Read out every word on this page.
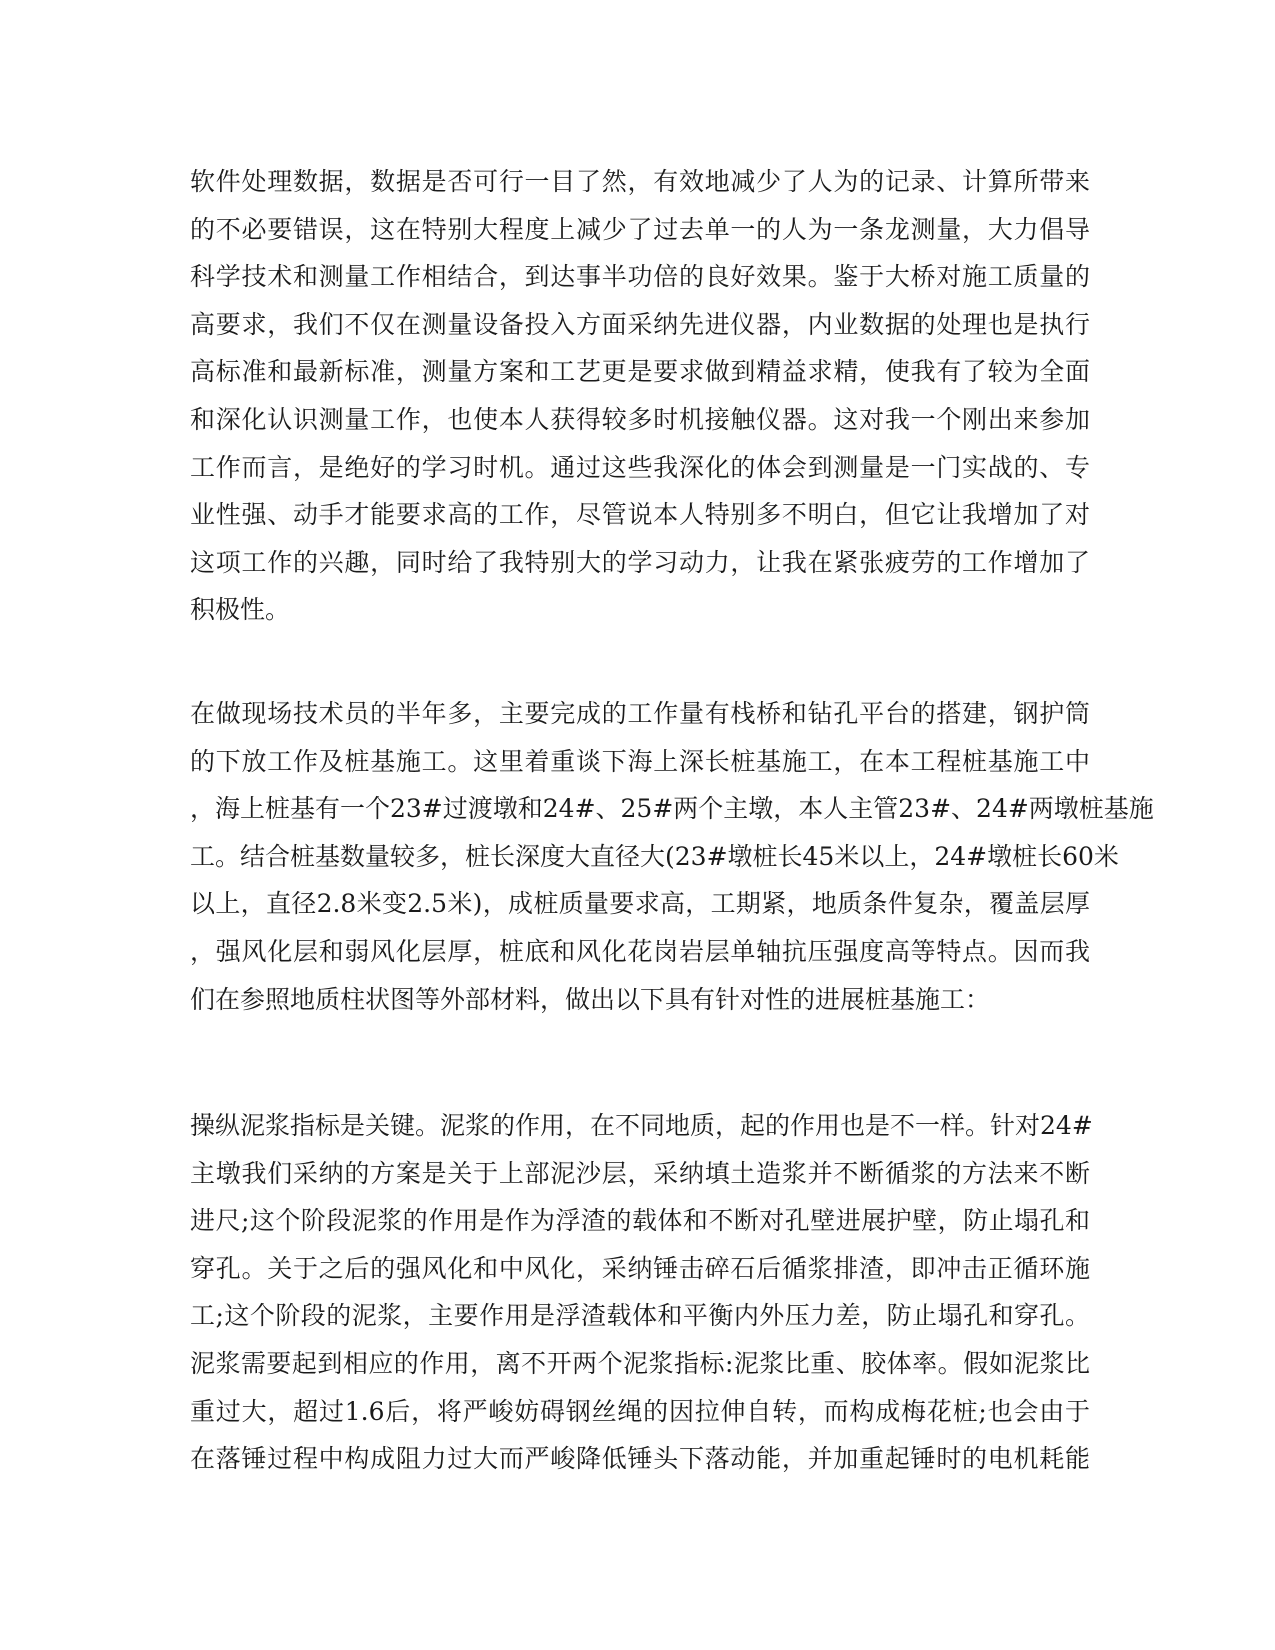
软件处理数据，数据是否可行一目了然，有效地减少了人为的记录、计算所带来
的不必要错误，这在特别大程度上减少了过去单一的人为一条龙测量，大力倡导
科学技术和测量工作相结合，到达事半功倍的良好效果。鉴于大桥对施工质量的
高要求，我们不仅在测量设备投入方面采纳先进仪器，内业数据的处理也是执行
高标准和最新标准，测量方案和工艺更是要求做到精益求精，使我有了较为全面
和深化认识测量工作，也使本人获得较多时机接触仪器。这对我一个刚出来参加
工作而言，是绝好的学习时机。通过这些我深化的体会到测量是一门实战的、专
业性强、动手才能要求高的工作，尽管说本人特别多不明白，但它让我增加了对
这项工作的兴趣，同时给了我特别大的学习动力，让我在紧张疲劳的工作增加了
积极性。

在做现场技术员的半年多，主要完成的工作量有栈桥和钻孔平台的搭建，钢护筒
的下放工作及桩基施工。这里着重谈下海上深长桩基施工，在本工程桩基施工中
，海上桩基有一个23#过渡墩和24#、25#两个主墩，本人主管23#、24#两墩桩基施
工。结合桩基数量较多，桩长深度大直径大(23#墩桩长45米以上，24#墩桩长60米
以上，直径2.8米变2.5米)，成桩质量要求高，工期紧，地质条件复杂，覆盖层厚
，强风化层和弱风化层厚，桩底和风化花岗岩层单轴抗压强度高等特点。因而我
们在参照地质柱状图等外部材料，做出以下具有针对性的进展桩基施工：

操纵泥浆指标是关键。泥浆的作用，在不同地质，起的作用也是不一样。针对24#
主墩我们采纳的方案是关于上部泥沙层，采纳填土造浆并不断循浆的方法来不断
进尺;这个阶段泥浆的作用是作为浮渣的载体和不断对孔壁进展护壁，防止塌孔和
穿孔。关于之后的强风化和中风化，采纳锤击碎石后循浆排渣，即冲击正循环施
工;这个阶段的泥浆，主要作用是浮渣载体和平衡内外压力差，防止塌孔和穿孔。
泥浆需要起到相应的作用，离不开两个泥浆指标:泥浆比重、胶体率。假如泥浆比
重过大，超过1.6后，将严峻妨碍钢丝绳的因拉伸自转，而构成梅花桩;也会由于
在落锤过程中构成阻力过大而严峻降低锤头下落动能，并加重起锤时的电机耗能
